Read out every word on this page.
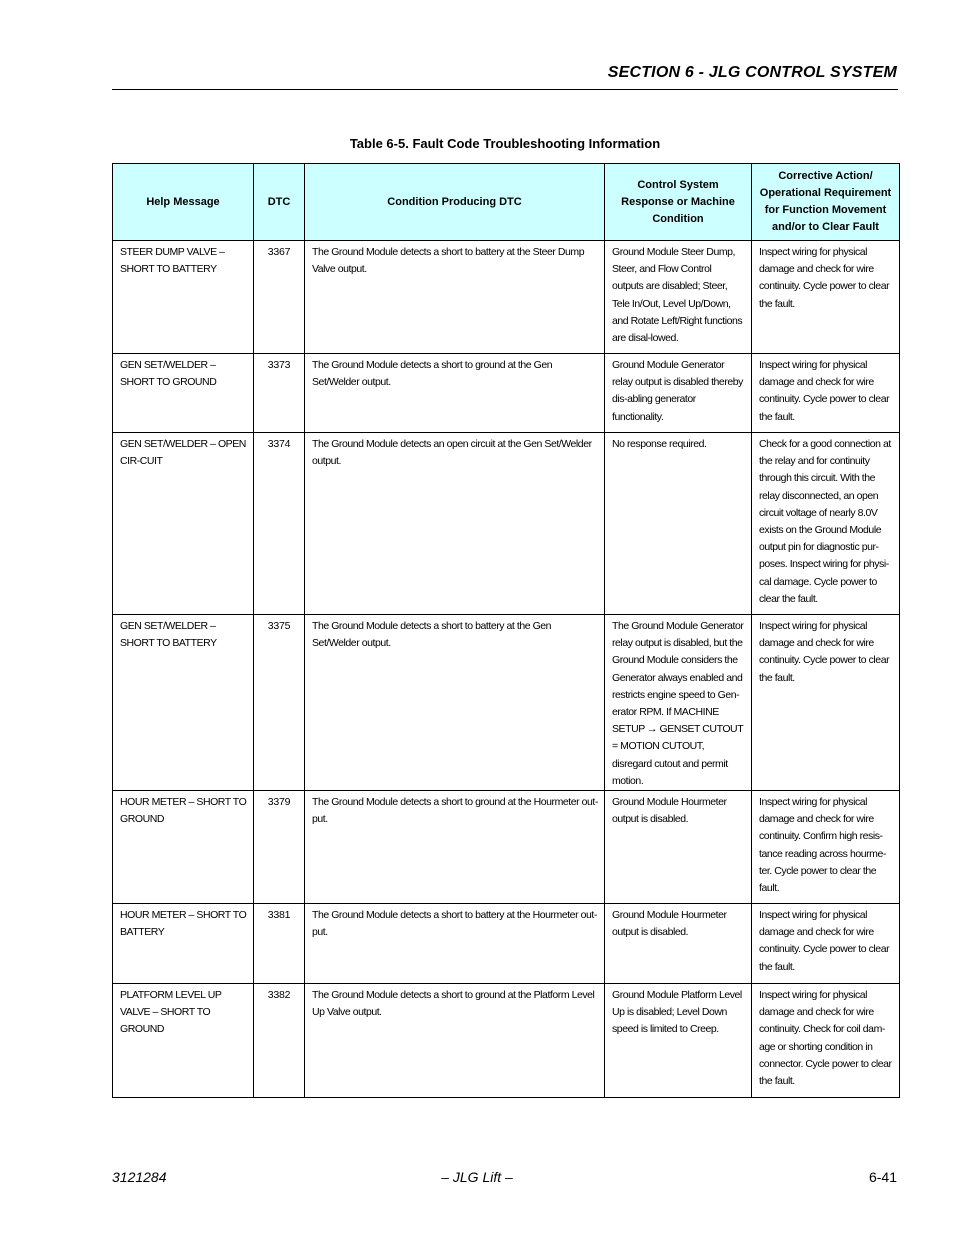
SECTION 6 - JLG CONTROL SYSTEM
Table 6-5. Fault Code Troubleshooting Information
Help Message	DTC	Condition Producing DTC	Control System Response or Machine Condition	Corrective Action/ Operational Requirement for Function Movement and/or to Clear Fault
STEER DUMP VALVE – SHORT TO BATTERY	3367	The Ground Module detects a short to battery at the Steer Dump Valve output.	Ground Module Steer Dump, Steer, and Flow Control outputs are disabled; Steer, Tele In/Out, Level Up/Down, and Rotate Left/Right functions are disal-lowed.	Inspect wiring for physical damage and check for wire continuity. Cycle power to clear the fault.
GEN SET/WELDER – SHORT TO GROUND	3373	The Ground Module detects a short to ground at the Gen Set/Welder output.	Ground Module Generator relay output is disabled thereby dis-abling generator functionality.	Inspect wiring for physical damage and check for wire continuity. Cycle power to clear the fault.
GEN SET/WELDER – OPEN CIR-CUIT	3374	The Ground Module detects an open circuit at the Gen Set/Welder output.	No response required.	Check for a good connection at the relay and for continuity through this circuit. With the relay disconnected, an open circuit voltage of nearly 8.0V exists on the Ground Module output pin for diagnostic pur-poses. Inspect wiring for physi-cal damage. Cycle power to clear the fault.
GEN SET/WELDER – SHORT TO BATTERY	3375	The Ground Module detects a short to battery at the Gen Set/Welder output.	The Ground Module Generator relay output is disabled, but the Ground Module considers the Generator always enabled and restricts engine speed to Gen-erator RPM. If MACHINE SETUP → GENSET CUTOUT = MOTION CUTOUT, disregard cutout and permit motion.	Inspect wiring for physical damage and check for wire continuity. Cycle power to clear the fault.
HOUR METER – SHORT TO GROUND	3379	The Ground Module detects a short to ground at the Hourmeter out-put.	Ground Module Hourmeter output is disabled.	Inspect wiring for physical damage and check for wire continuity. Confirm high resis-tance reading across hourme-ter. Cycle power to clear the fault.
HOUR METER – SHORT TO BATTERY	3381	The Ground Module detects a short to battery at the Hourmeter out-put.	Ground Module Hourmeter output is disabled.	Inspect wiring for physical damage and check for wire continuity. Cycle power to clear the fault.
PLATFORM LEVEL UP VALVE – SHORT TO GROUND	3382	The Ground Module detects a short to ground at the Platform Level Up Valve output.	Ground Module Platform Level Up is disabled; Level Down speed is limited to Creep.	Inspect wiring for physical damage and check for wire continuity. Check for coil dam-age or shorting condition in connector. Cycle power to clear the fault.
3121284	– JLG Lift –	6-41
